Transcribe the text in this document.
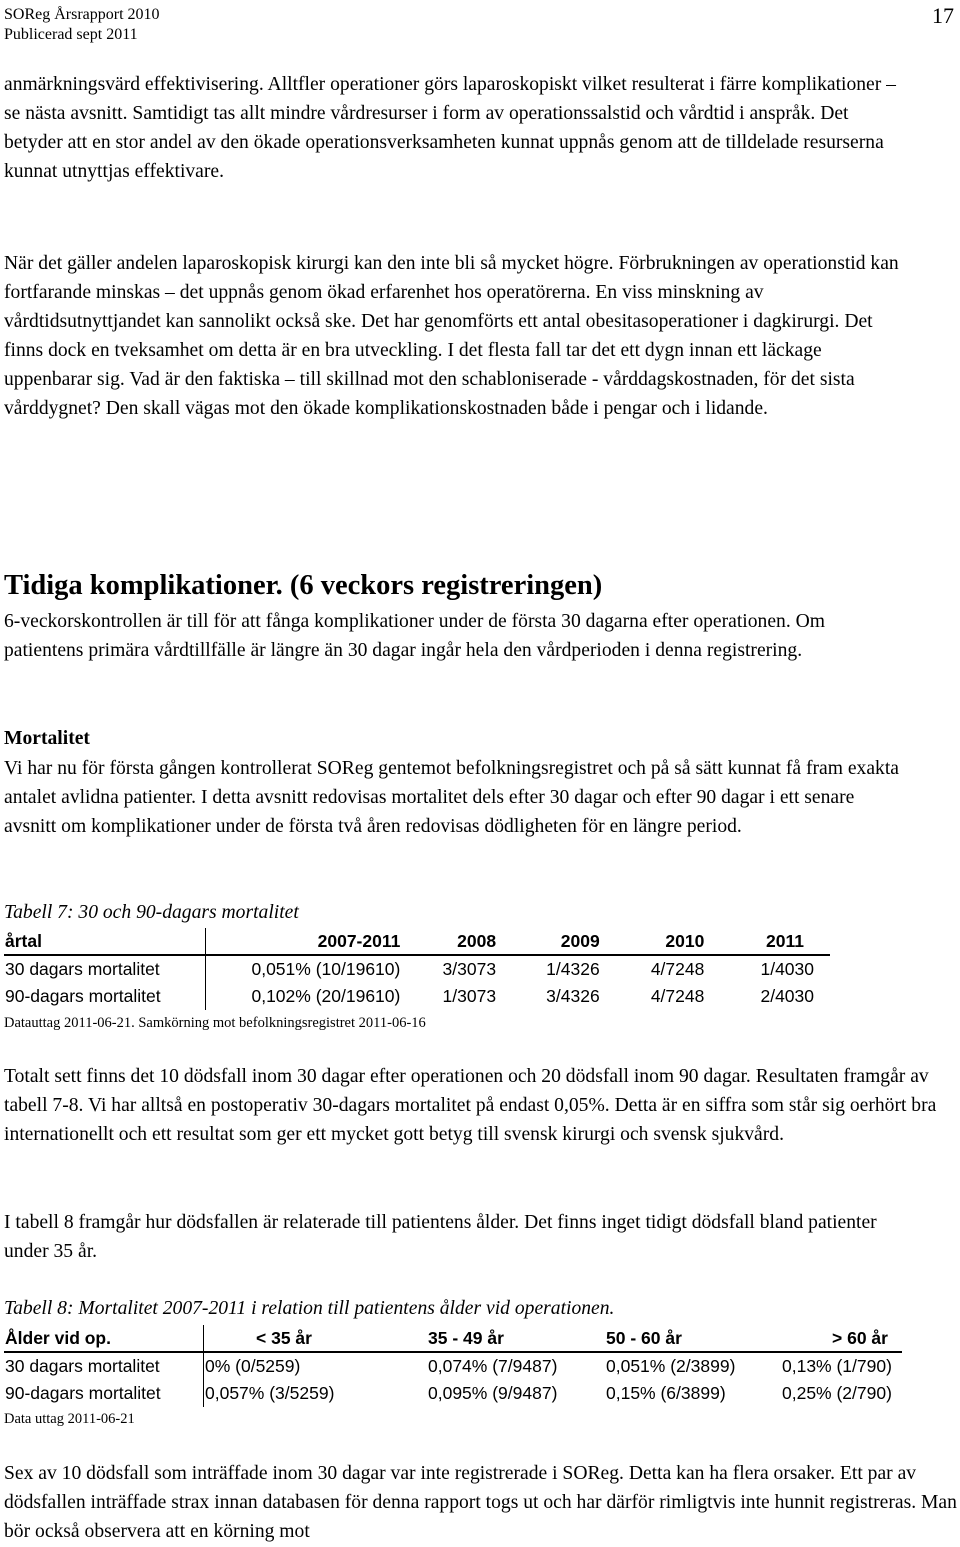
SOReg Årsrapport 2010
Publicerad sept 2011
17

anmärkningsvärd effektivisering. Alltfler operationer görs laparoskopiskt vilket resulterat i färre komplikationer – se nästa avsnitt. Samtidigt tas allt mindre vårdresurser i form av operationssalstid och vårdtid i anspråk. Det betyder att en stor andel av den ökade operationsverksamheten kunnat uppnås genom att de tilldelade resurserna kunnat utnyttjas effektivare.

När det gäller andelen laparoskopisk kirurgi kan den inte bli så mycket högre. Förbrukningen av operationstid kan fortfarande minskas – det uppnås genom ökad erfarenhet hos operatörerna. En viss minskning av vårdtidsutnyttjandet kan sannolikt också ske. Det har genomförts ett antal obesitasoperationer i dagkirurgi. Det finns dock en tveksamhet om detta är en bra utveckling. I det flesta fall tar det ett dygn innan ett läckage uppenbarar sig. Vad är den faktiska – till skillnad mot den schabloniserade - vårddagskostnaden, för det sista vårddygnet? Den skall vägas mot den ökade komplikationskostnaden både i pengar och i lidande.

Tidiga komplikationer. (6 veckors registreringen)

6-veckorskontrollen är till för att fånga komplikationer under de första 30 dagarna efter operationen. Om patientens primära vårdtillfälle är längre än 30 dagar ingår hela den vårdperioden i denna registrering.

Mortalitet

Vi har nu för första gången kontrollerat SOReg gentemot befolkningsregistret och på så sätt kunnat få fram exakta antalet avlidna patienter. I detta avsnitt redovisas mortalitet dels efter 30 dagar och efter 90 dagar i ett senare avsnitt om komplikationer under de första två åren redovisas dödligheten för en längre period.

Tabell 7: 30 och 90-dagars mortalitet
årtal	2007-2011	2008	2009	2010	2011
30 dagars mortalitet	0,051% (10/19610)	3/3073	1/4326	4/7248	1/4030
90-dagars mortalitet	0,102% (20/19610)	1/3073	3/4326	4/7248	2/4030
Datauttag 2011-06-21. Samkörning mot befolkningsregistret 2011-06-16

Totalt sett finns det 10 dödsfall inom 30 dagar efter operationen och 20 dödsfall inom 90 dagar. Resultaten framgår av tabell 7-8. Vi har alltså en postoperativ 30-dagars mortalitet på endast 0,05%. Detta är en siffra som står sig oerhört bra internationellt och ett resultat som ger ett mycket gott betyg till svensk kirurgi och svensk sjukvård.

I tabell 8 framgår hur dödsfallen är relaterade till patientens ålder. Det finns inget tidigt dödsfall bland patienter under 35 år.

Tabell 8: Mortalitet 2007-2011 i relation till patientens ålder vid operationen.
Ålder vid op.	< 35 år	35 - 49 år	50 - 60 år	> 60 år
30 dagars mortalitet	0% (0/5259)	0,074% (7/9487)	0,051% (2/3899)	0,13% (1/790)
90-dagars mortalitet	0,057% (3/5259)	0,095% (9/9487)	0,15% (6/3899)	0,25% (2/790)
Data uttag 2011-06-21

Sex av 10 dödsfall som inträffade inom 30 dagar var inte registrerade i SOReg. Detta kan ha flera orsaker. Ett par av dödsfallen inträffade strax innan databasen för denna rapport togs ut och har därför rimligtvis inte hunnit registreras. Man bör också observera att en körning mot
